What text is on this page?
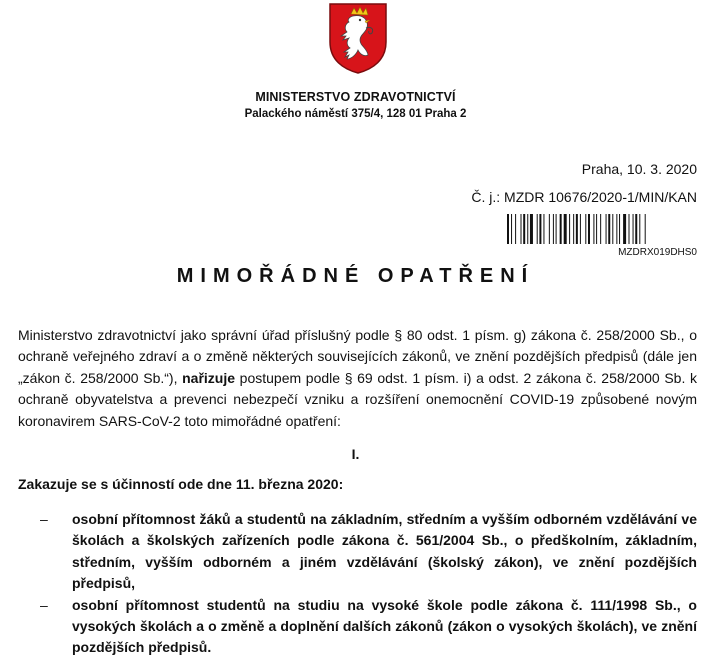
MINISTERSTVO ZDRAVOTNICTVÍ
Palackého náměstí 375/4, 128 01 Praha 2
Praha, 10. 3. 2020
Č. j.: MZDR 10676/2020-1/MIN/KAN
MZDRX019DHS0
MIMOŘÁDNÉ OPATŘENÍ

Ministerstvo zdravotnictví jako správní úřad příslušný podle § 80 odst. 1 písm. g) zákona č. 258/2000 Sb., o ochraně veřejného zdraví a o změně některých souvisejících zákonů, ve znění pozdějších předpisů (dále jen „zákon č. 258/2000 Sb.“), nařizuje postupem podle § 69 odst. 1 písm. i) a odst. 2 zákona č. 258/2000 Sb. k ochraně obyvatelstva a prevenci nebezpečí vzniku a rozšíření onemocnění COVID-19 způsobené novým koronavirem SARS-CoV-2 toto mimořádné opatření:

I.
Zakazuje se s účinností ode dne 11. března 2020:
– osobní přítomnost žáků a studentů na základním, středním a vyšším odborném vzdělávání ve školách a školských zařízeních podle zákona č. 561/2004 Sb., o předškolním, základním, středním, vyšším odborném a jiném vzdělávání (školský zákon), ve znění pozdějších předpisů,
– osobní přítomnost studentů na studiu na vysoké škole podle zákona č. 111/1998 Sb., o vysokých školách a o změně a doplnění dalších zákonů (zákon o vysokých školách), ve znění pozdějších předpisů.
